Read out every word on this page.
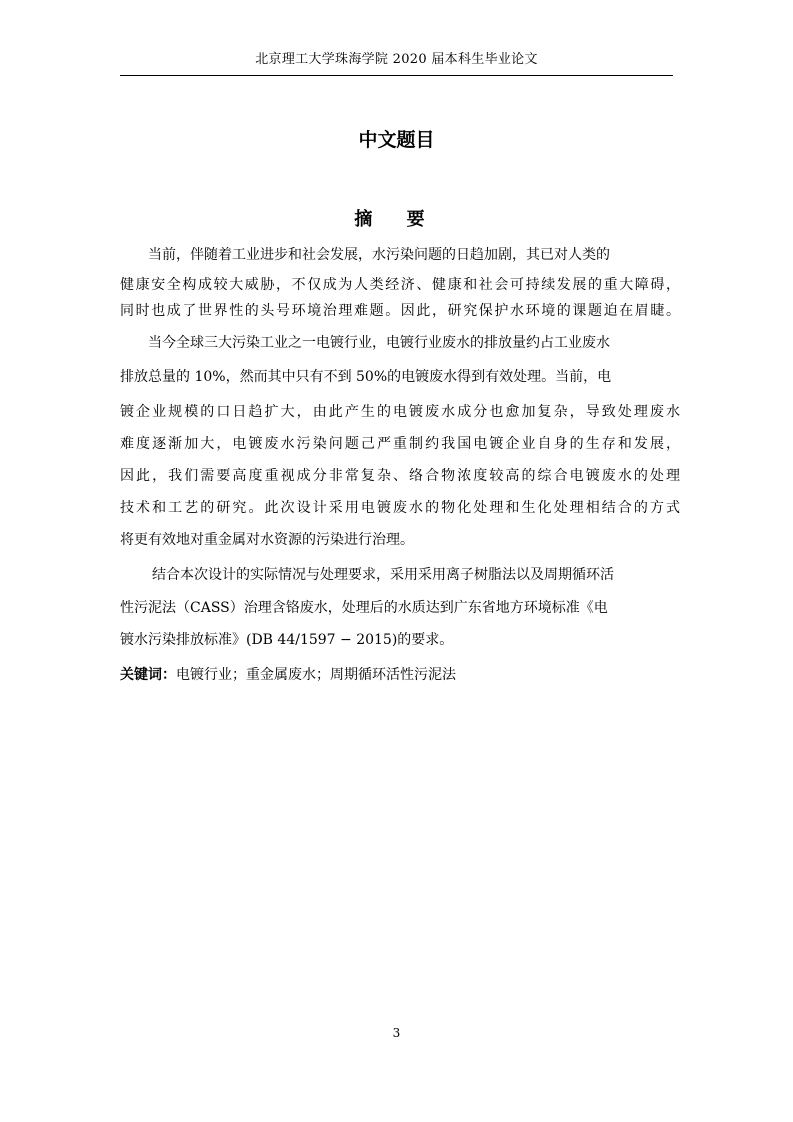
北京理工大学珠海学院 2020 届本科生毕业论文
中文题目
摘 要
当前，伴随着工业进步和社会发展，水污染问题的日趋加剧，其已对人类的
健康安全构成较大威胁，不仅成为人类经济、健康和社会可持续发展的重大障碍，
同时也成了世界性的头号环境治理难题。因此，研究保护水环境的课题迫在眉睫。
当今全球三大污染工业之一电镀行业，电镀行业废水的排放量约占工业废水
排放总量的 10%，然而其中只有不到 50%的电镀废水得到有效处理。当前，电
镀企业规模的口日趋扩大，由此产生的电镀废水成分也愈加复杂，导致处理废水
难度逐渐加大，电镀废水污染问题己严重制约我国电镀企业自身的生存和发展，
因此，我们需要高度重视成分非常复杂、络合物浓度较高的综合电镀废水的处理
技术和工艺的研究。此次设计采用电镀废水的物化处理和生化处理相结合的方式
将更有效地对重金属对水资源的污染进行治理。
结合本次设计的实际情况与处理要求，采用采用离子树脂法以及周期循环活
性污泥法（CASS）治理含铬废水，处理后的水质达到广东省地方环境标准《电
镀水污染排放标准》(DB 44/1597 − 2015)的要求。
关键词：电镀行业；重金属废水；周期循环活性污泥法
3
